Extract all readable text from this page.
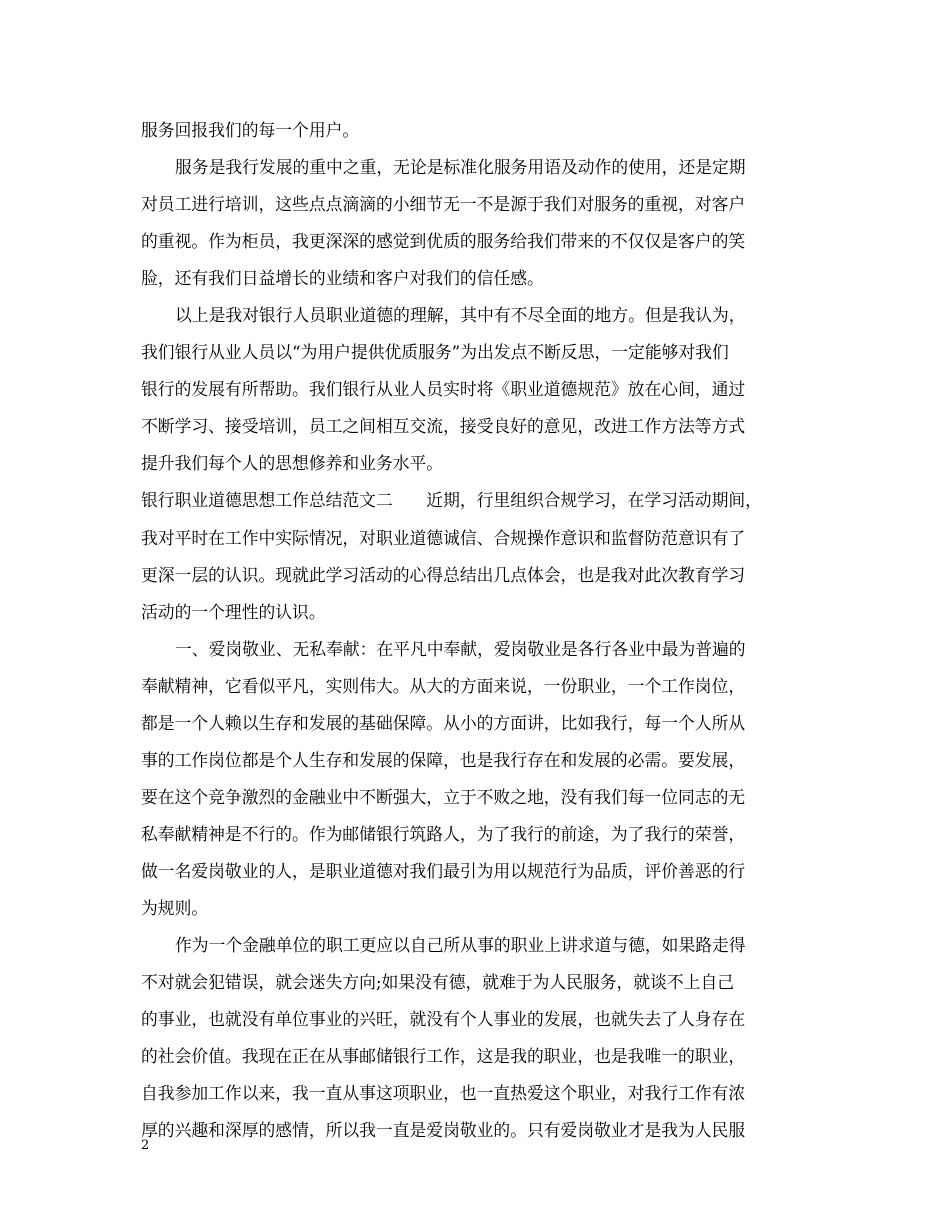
服务回报我们的每一个用户。
服务是我行发展的重中之重，无论是标准化服务用语及动作的使用，还是定期
对员工进行培训，这些点点滴滴的小细节无一不是源于我们对服务的重视，对客户
的重视。作为柜员，我更深深的感觉到优质的服务给我们带来的不仅仅是客户的笑
脸，还有我们日益增长的业绩和客户对我们的信任感。
以上是我对银行人员职业道德的理解，其中有不尽全面的地方。但是我认为，
我们银行从业人员以“为用户提供优质服务”为出发点不断反思，一定能够对我们
银行的发展有所帮助。我们银行从业人员实时将《职业道德规范》放在心间，通过
不断学习、接受培训，员工之间相互交流，接受良好的意见，改进工作方法等方式
提升我们每个人的思想修养和业务水平。
银行职业道德思想工作总结范文二　　近期，行里组织合规学习，在学习活动期间，
我对平时在工作中实际情况，对职业道德诚信、合规操作意识和监督防范意识有了
更深一层的认识。现就此学习活动的心得总结出几点体会，也是我对此次教育学习
活动的一个理性的认识。
一、爱岗敬业、无私奉献：在平凡中奉献，爱岗敬业是各行各业中最为普遍的
奉献精神，它看似平凡，实则伟大。从大的方面来说，一份职业，一个工作岗位，
都是一个人赖以生存和发展的基础保障。从小的方面讲，比如我行，每一个人所从
事的工作岗位都是个人生存和发展的保障，也是我行存在和发展的必需。要发展，
要在这个竞争激烈的金融业中不断强大，立于不败之地，没有我们每一位同志的无
私奉献精神是不行的。作为邮储银行筑路人，为了我行的前途，为了我行的荣誉，
做一名爱岗敬业的人，是职业道德对我们最引为用以规范行为品质，评价善恶的行
为规则。
作为一个金融单位的职工更应以自己所从事的职业上讲求道与德，如果路走得
不对就会犯错误，就会迷失方向;如果没有德，就难于为人民服务，就谈不上自己
的事业，也就没有单位事业的兴旺，就没有个人事业的发展，也就失去了人身存在
的社会价值。我现在正在从事邮储银行工作，这是我的职业，也是我唯一的职业，
自我参加工作以来，我一直从事这项职业，也一直热爱这个职业，对我行工作有浓
厚的兴趣和深厚的感情，所以我一直是爱岗敬业的。只有爱岗敬业才是我为人民服
2
